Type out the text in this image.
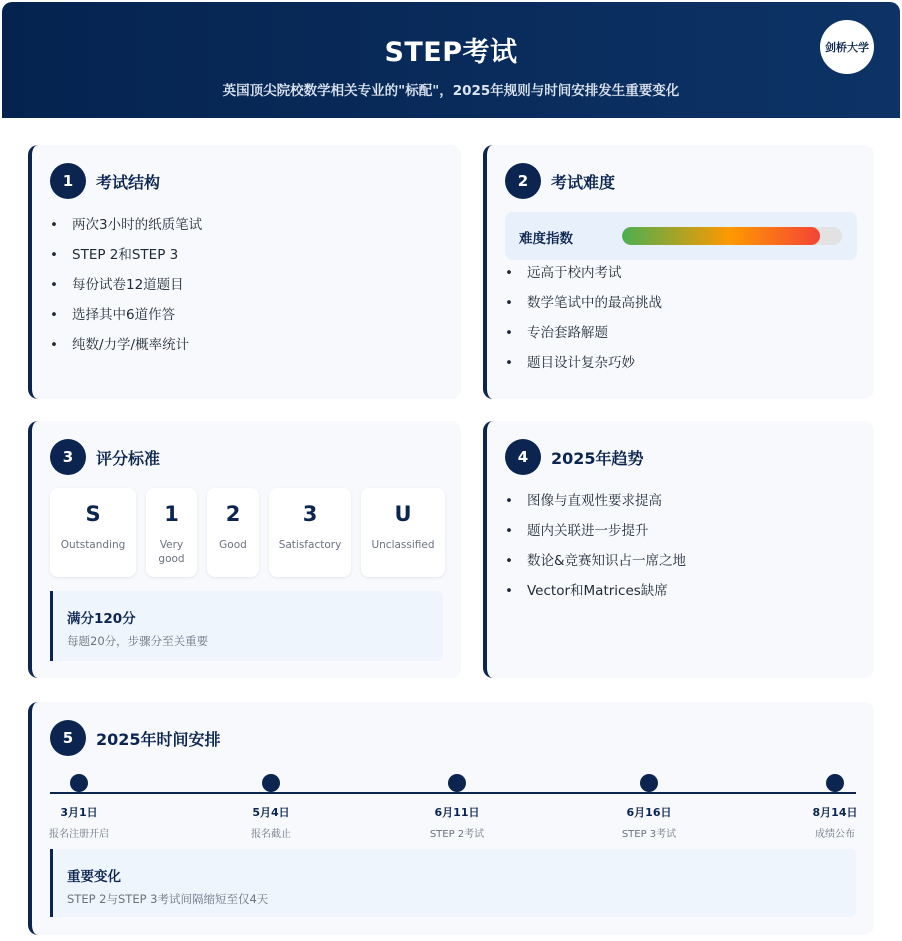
STEP考试
英国顶尖院校数学相关专业的"标配"，2025年规则与时间安排发生重要变化
剑桥大学
1	考试结构
• 两次3小时的纸质笔试
• STEP 2和STEP 3
• 每份试卷12道题目
• 选择其中6道作答
• 纯数/力学/概率统计
2	考试难度
难度指数
• 远高于校内考试
• 数学笔试中的最高挑战
• 专治套路解题
• 题目设计复杂巧妙
3	评分标准
S
Outstanding
1
Very good
2
Good
3
Satisfactory
U
Unclassified
满分120分
每题20分，步骤分至关重要
4	2025年趋势
• 图像与直观性要求提高
• 题内关联进一步提升
• 数论&竞赛知识占一席之地
• Vector和Matrices缺席
5	2025年时间安排
3月1日
报名注册开启
5月4日
报名截止
6月11日
STEP 2考试
6月16日
STEP 3考试
8月14日
成绩公布
重要变化
STEP 2与STEP 3考试间隔缩短至仅4天
